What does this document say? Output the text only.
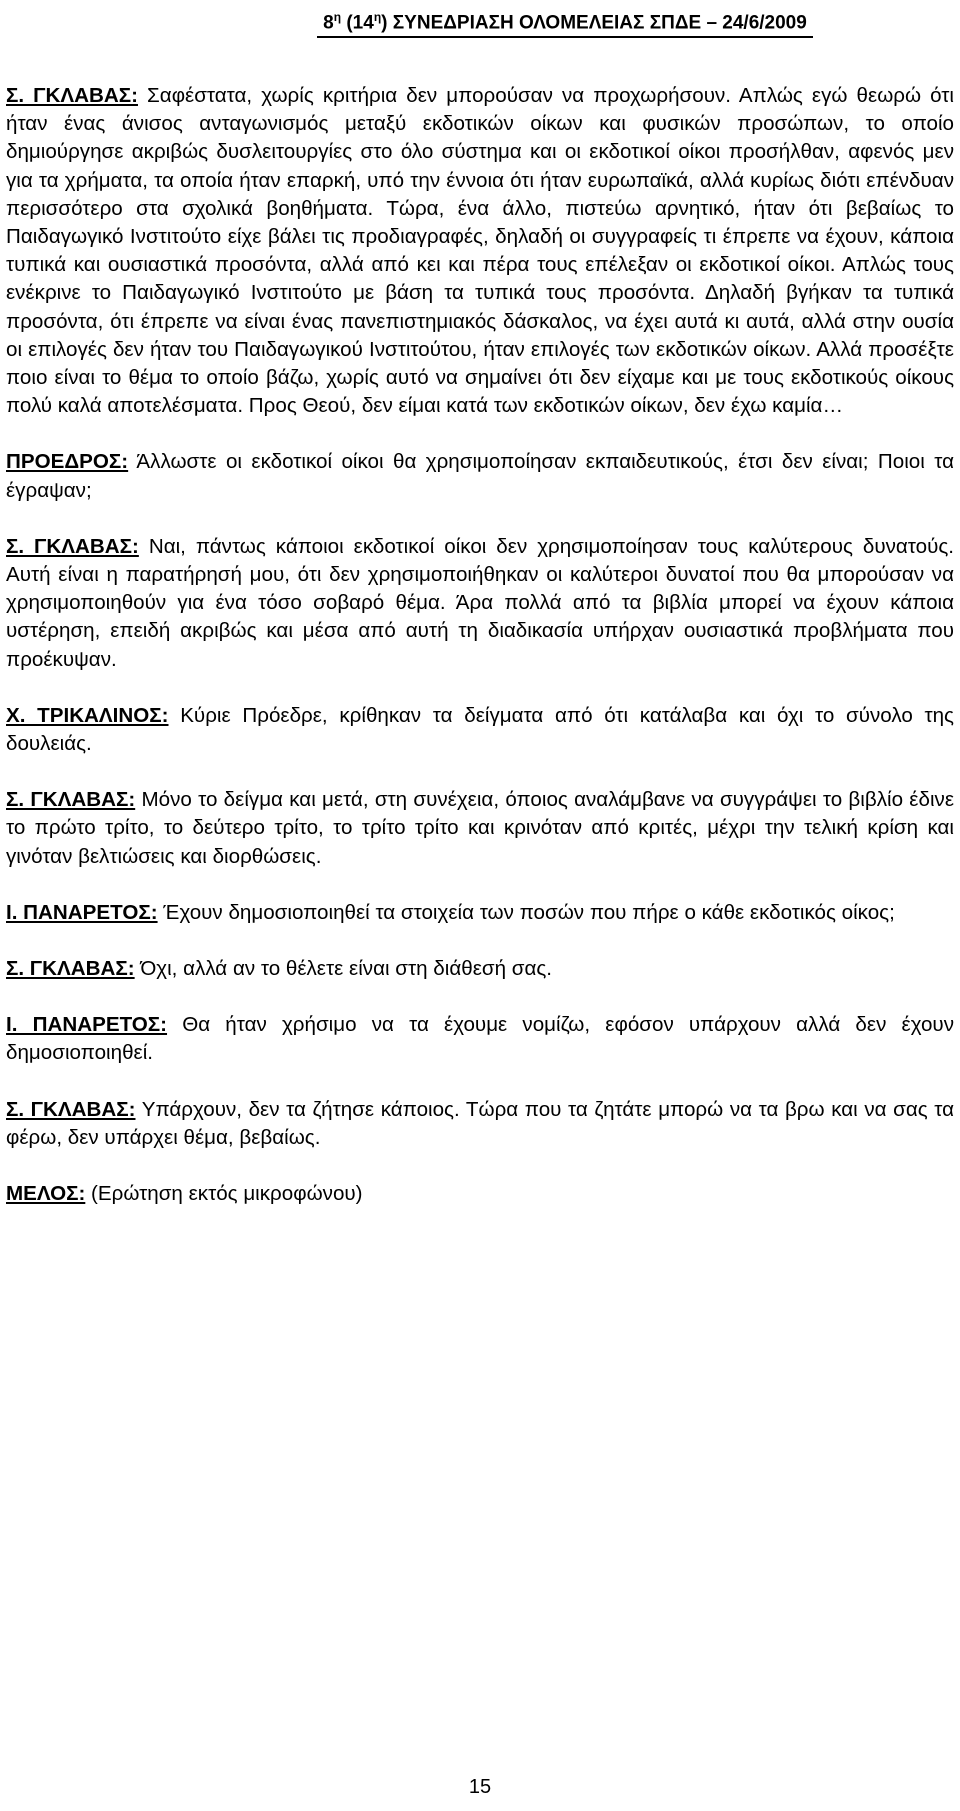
$8^\eta$ $(14^\eta)$ ΣΥΝΕΔΡΙΑΣΗ ΟΛΟΜΕΛΕΙΑΣ ΣΠΔΕ – 24/6/2009

Σ. ΓΚΛΑΒΑΣ: Σαφέστατα, χωρίς κριτήρια δεν μπορούσαν να προχωρήσουν. Απλώς εγώ θεωρώ ότι ήταν ένας άνισος ανταγωνισμός μεταξύ εκδοτικών οίκων και φυσικών προσώπων, το οποίο δημιούργησε ακριβώς δυσλειτουργίες στο όλο σύστημα και οι εκδοτικοί οίκοι προσήλθαν, αφενός μεν για τα χρήματα, τα οποία ήταν επαρκή, υπό την έννοια ότι ήταν ευρωπαϊκά, αλλά κυρίως διότι επένδυαν περισσότερο στα σχολικά βοηθήματα. Τώρα, ένα άλλο, πιστεύω αρνητικό, ήταν ότι βεβαίως το Παιδαγωγικό Ινστιτούτο είχε βάλει τις προδιαγραφές, δηλαδή οι συγγραφείς τι έπρεπε να έχουν, κάποια τυπικά και ουσιαστικά προσόντα, αλλά από κει και πέρα τους επέλεξαν οι εκδοτικοί οίκοι. Απλώς τους ενέκρινε το Παιδαγωγικό Ινστιτούτο με βάση τα τυπικά τους προσόντα. Δηλαδή βγήκαν τα τυπικά προσόντα, ότι έπρεπε να είναι ένας πανεπιστημιακός δάσκαλος, να έχει αυτά κι αυτά, αλλά στην ουσία οι επιλογές δεν ήταν του Παιδαγωγικού Ινστιτούτου, ήταν επιλογές των εκδοτικών οίκων. Αλλά προσέξτε ποιο είναι το θέμα το οποίο βάζω, χωρίς αυτό να σημαίνει ότι δεν είχαμε και με τους εκδοτικούς οίκους πολύ καλά αποτελέσματα. Προς Θεού, δεν είμαι κατά των εκδοτικών οίκων, δεν έχω καμία…

ΠΡΟΕΔΡΟΣ: Άλλωστε οι εκδοτικοί οίκοι θα χρησιμοποίησαν εκπαιδευτικούς, έτσι δεν είναι; Ποιοι τα έγραψαν;

Σ. ΓΚΛΑΒΑΣ: Ναι, πάντως κάποιοι εκδοτικοί οίκοι δεν χρησιμοποίησαν τους καλύτερους δυνατούς. Αυτή είναι η παρατήρησή μου, ότι δεν χρησιμοποιήθηκαν οι καλύτεροι δυνατοί που θα μπορούσαν να χρησιμοποιηθούν για ένα τόσο σοβαρό θέμα. Άρα πολλά από τα βιβλία μπορεί να έχουν κάποια υστέρηση, επειδή ακριβώς και μέσα από αυτή τη διαδικασία υπήρχαν ουσιαστικά προβλήματα που προέκυψαν.

Χ. ΤΡΙΚΑΛΙΝΟΣ: Κύριε Πρόεδρε, κρίθηκαν τα δείγματα από ότι κατάλαβα και όχι το σύνολο της δουλειάς.

Σ. ΓΚΛΑΒΑΣ: Μόνο το δείγμα και μετά, στη συνέχεια, όποιος αναλάμβανε να συγγράψει το βιβλίο έδινε το πρώτο τρίτο, το δεύτερο τρίτο, το τρίτο τρίτο και κρινόταν από κριτές, μέχρι την τελική κρίση και γινόταν βελτιώσεις και διορθώσεις.

Ι. ΠΑΝΑΡΕΤΟΣ: Έχουν δημοσιοποιηθεί τα στοιχεία των ποσών που πήρε ο κάθε εκδοτικός οίκος;

Σ. ΓΚΛΑΒΑΣ: Όχι, αλλά αν το θέλετε είναι στη διάθεσή σας.

Ι. ΠΑΝΑΡΕΤΟΣ: Θα ήταν χρήσιμο να τα έχουμε νομίζω, εφόσον υπάρχουν αλλά δεν έχουν δημοσιοποιηθεί.

Σ. ΓΚΛΑΒΑΣ: Υπάρχουν, δεν τα ζήτησε κάποιος. Τώρα που τα ζητάτε μπορώ να τα βρω και να σας τα φέρω, δεν υπάρχει θέμα, βεβαίως.

ΜΕΛΟΣ: (Ερώτηση εκτός μικροφώνου)

15
